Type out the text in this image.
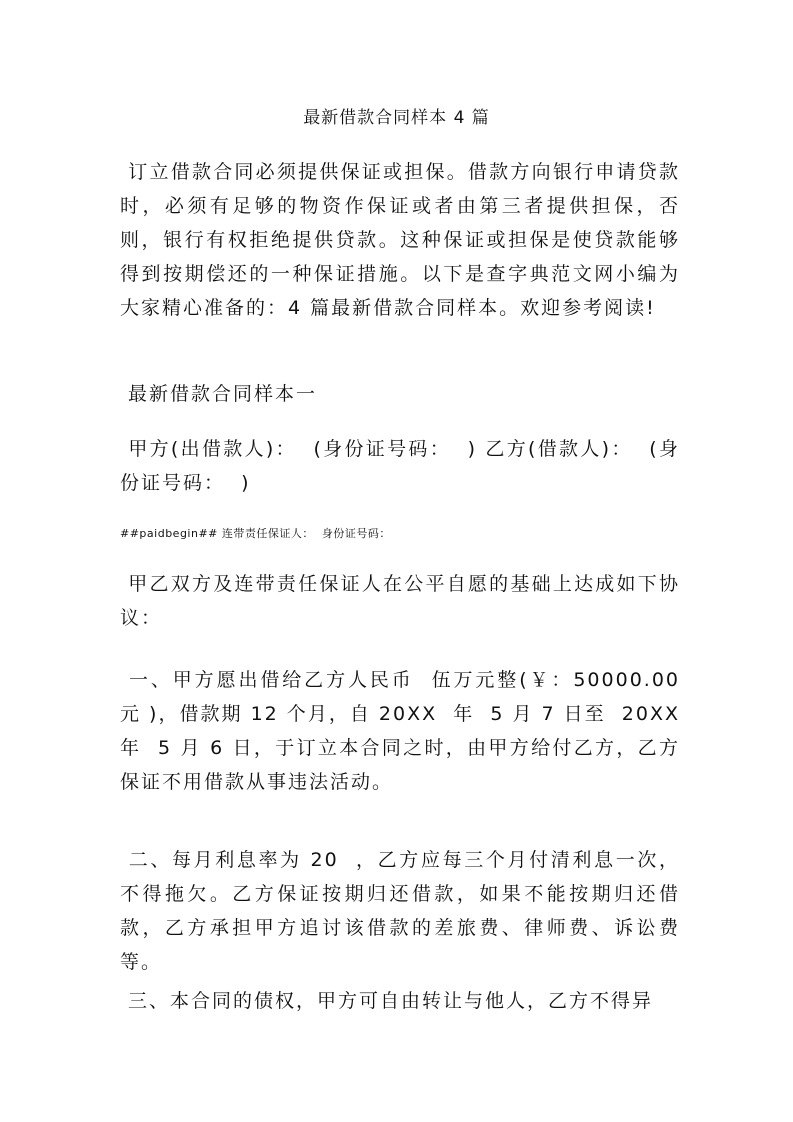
最新借款合同样本 4 篇
订立借款合同必须提供保证或担保。借款方向银行申请贷款时，必须有足够的物资作保证或者由第三者提供担保，否则，银行有权拒绝提供贷款。这种保证或担保是使贷款能够得到按期偿还的一种保证措施。以下是查字典范文网小编为大家精心准备的：4 篇最新借款合同样本。欢迎参考阅读!
最新借款合同样本一
甲方(出借款人)：  (身份证号码：  ) 乙方(借款人)：  (身份证号码：  )
##paidbegin## 连带责任保证人：  身份证号码：
甲乙双方及连带责任保证人在公平自愿的基础上达成如下协议：
一、甲方愿出借给乙方人民币  伍万元整(￥：50000.00  元 )，借款期 12 个月，自 20XX  年  5 月 7 日至  20XX  年  5 月 6 日，于订立本合同之时，由甲方给付乙方，乙方保证不用借款从事违法活动。
二、每月利息率为 20  ，乙方应每三个月付清利息一次，不得拖欠。乙方保证按期归还借款，如果不能按期归还借款，乙方承担甲方追讨该借款的差旅费、律师费、诉讼费等。
三、本合同的债权，甲方可自由转让与他人，乙方不得异
